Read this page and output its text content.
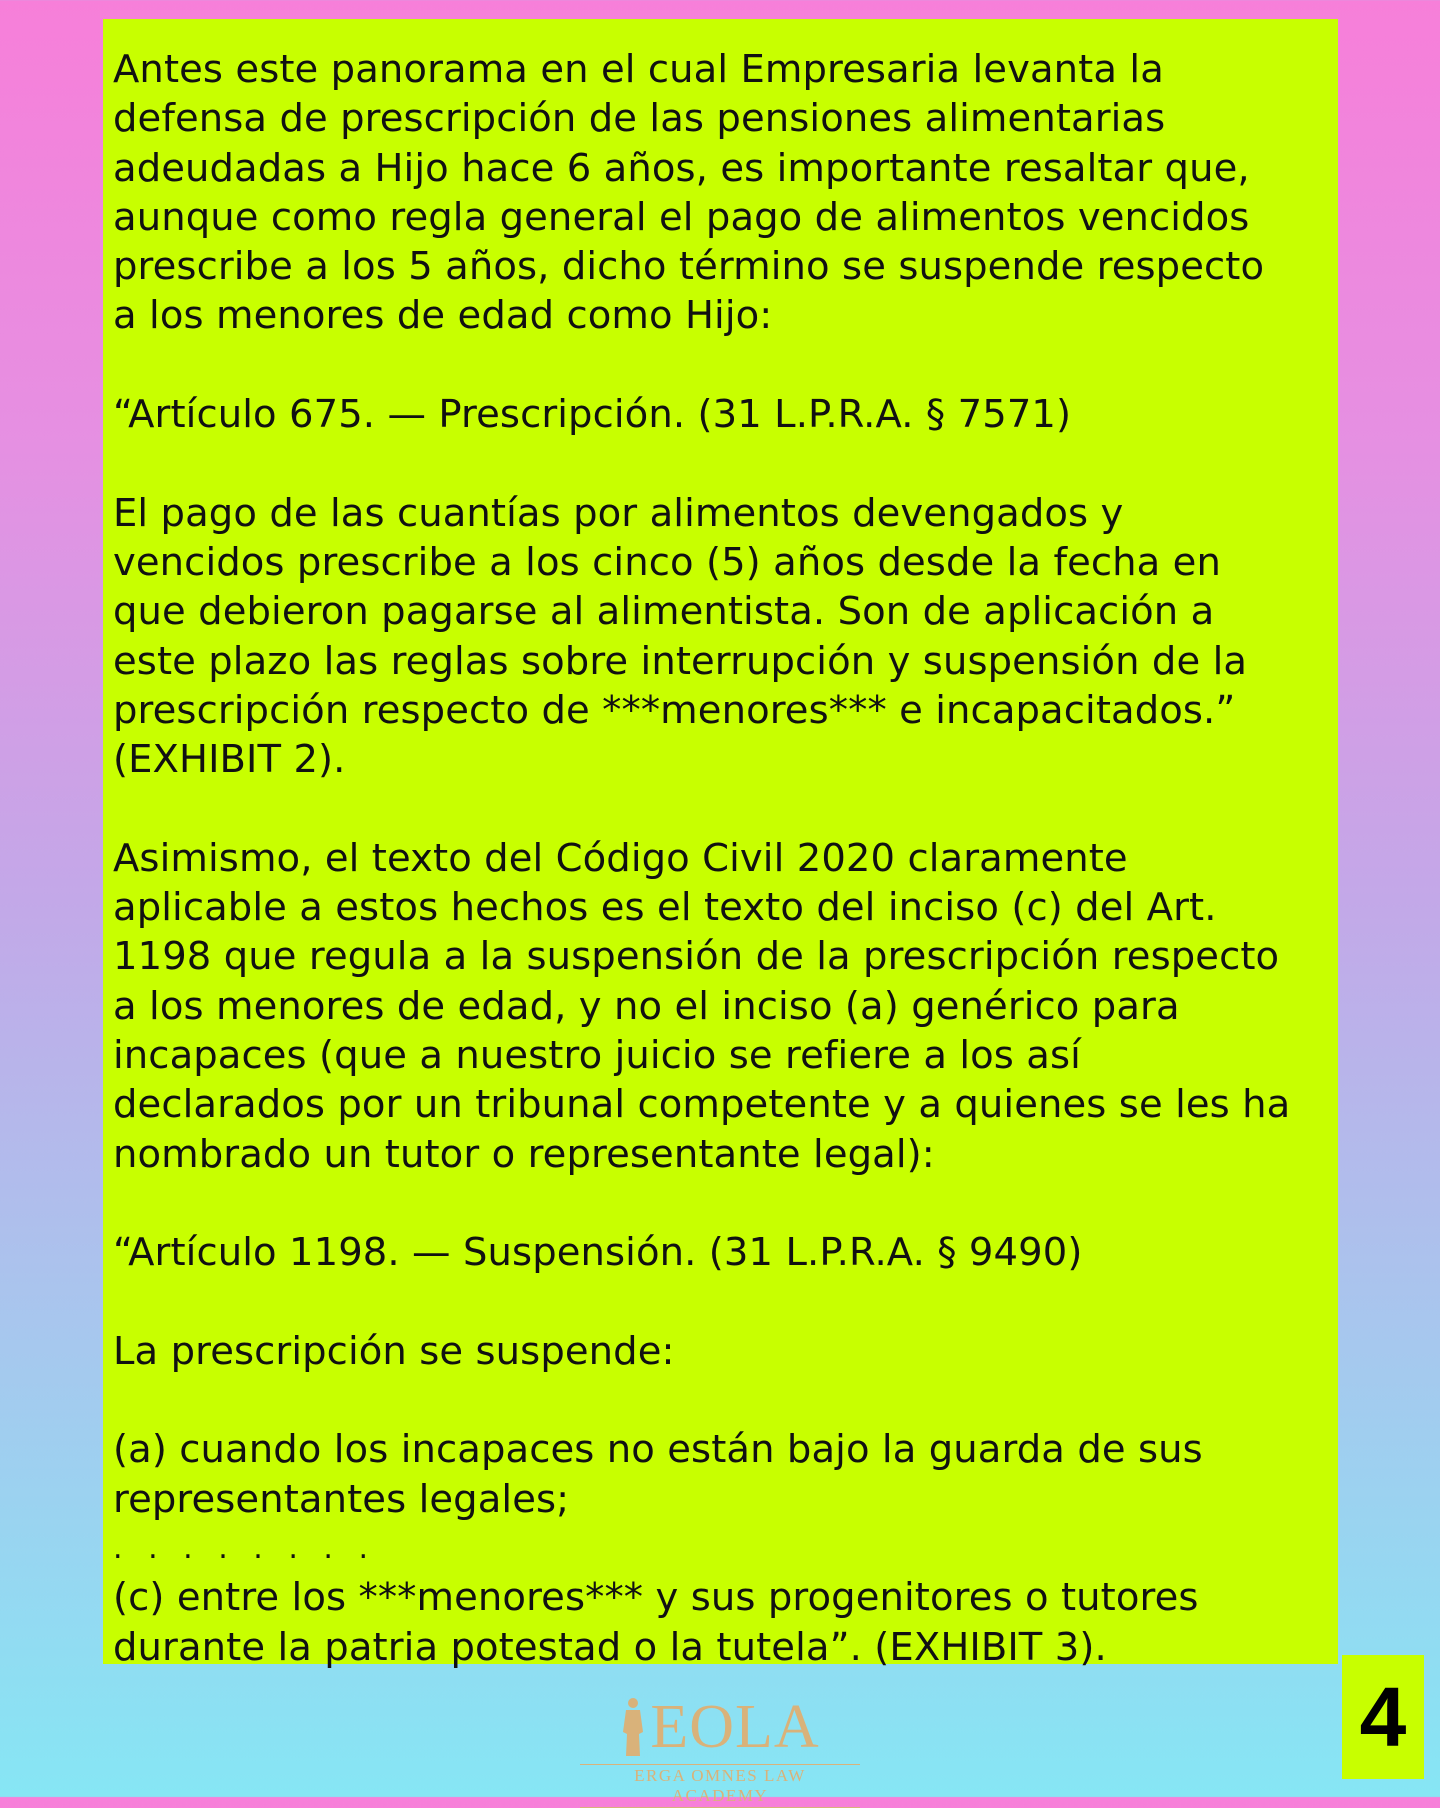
Antes este panorama en el cual Empresaria levanta la
defensa de prescripción de las pensiones alimentarias
adeudadas a Hijo hace 6 años, es importante resaltar que,
aunque como regla general el pago de alimentos vencidos
prescribe a los 5 años, dicho término se suspende respecto
a los menores de edad como Hijo:

“Artículo 675. — Prescripción. (31 L.P.R.A. § 7571)

El pago de las cuantías por alimentos devengados y
vencidos prescribe a los cinco (5) años desde la fecha en
que debieron pagarse al alimentista. Son de aplicación a
este plazo las reglas sobre interrupción y suspensión de la
prescripción respecto de ***menores*** e incapacitados.”
(EXHIBIT 2).

Asimismo, el texto del Código Civil 2020 claramente
aplicable a estos hechos es el texto del inciso (c) del Art.
1198 que regula a la suspensión de la prescripción respecto
a los menores de edad, y no el inciso (a) genérico para
incapaces (que a nuestro juicio se refiere a los así
declarados por un tribunal competente y a quienes se les ha
nombrado un tutor o representante legal):

“Artículo 1198. — Suspensión. (31 L.P.R.A. § 9490)

La prescripción se suspende:

(a) cuando los incapaces no están bajo la guarda de sus
representantes legales;

. . . . . . . .

(c) entre los ***menores*** y sus progenitores o tutores
durante la patria potestad o la tutela”. (EXHIBIT 3).

EOLA
ERGA OMNES LAW ACADEMY
4
